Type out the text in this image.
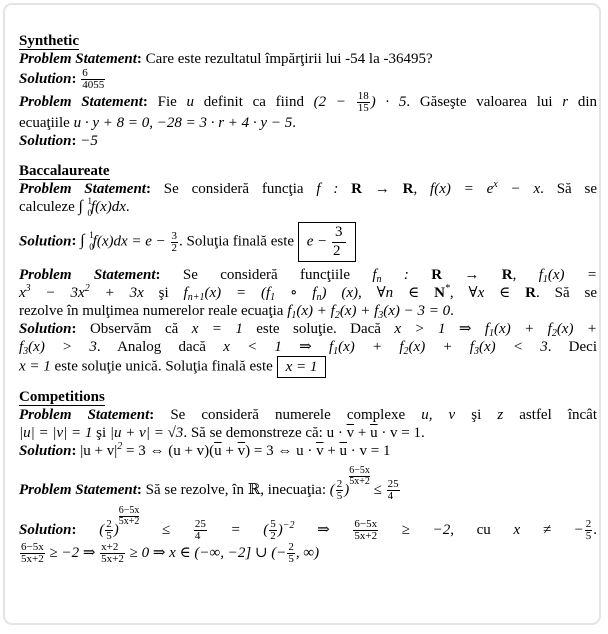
Synthetic
Problem Statement : Care este rezultatul împărţirii lui -54 la -36495?
Solution : $\frac{6}{4055}$
Problem Statement : Fie u definit ca fiind ($2 - \frac{18}{15}$ ) · 5. Găseşte valoarea lui r din
ecuaţiile u · y + 8 = 0, −28 = 3 · r + 4 · y − 5.
Solution : −5
Baccalaureate
Problem Statement : Se consideră funcţia f : R → R, $f(x) = e^x - x$. Să se
calculeze ∫ 0
1
f(x)dx.
Solution : ∫ 0
1
$f(x)dx = e - \frac{3}{2}$ . Soluţia finală este $e - \frac{3}{2}$
Problem Statement : Se consideră funcţiile $f_n$ : R → R, $f_1(x)$ =
$x^3 - 3x^2 + 3x$ şi $f_{n+1}(x) = (f_1$ ∘ $f_n$) (x), ∀n ∈ N*, ∀x ∈ R. Să se
rezolve în mulţimea numerelor reale ecuaţia $f_1(x) + f_2(x) + f_3(x) - 3 = 0$.
Solution : Observăm că x = 1 este soluţie. Dacă x > 1 ⇒ $f_1(x) + f_2(x)$ +
$f_3(x) > 3$. Analog dacă x < 1 ⇒ $f_1(x) + f_2(x) + f_3(x) < 3$. Deci
x = 1 este soluţie unică. Soluţia finală este x = 1
Competitions
Problem Statement : Se consideră numerele complexe u, v şi z astfel încât
|u| = |v| = 1 şi |u + v| = √3. Să se demonstreze că: $u \cdot \overline{v} + \overline{u} \cdot v = 1$.
Solution : $|u + v|^2 = 3$ ⇔ $(u + v)(\overline{u} + \overline{v}) = 3$ ⇔ $u \cdot \overline{v} + \overline{u} \cdot v = 1$
Problem Statement : Să se rezolve, în ℝ, inecuaţia: ( $\frac{2}{5}$ )
$\frac{6-5x}{5x+2}$
≤ $\frac{25}{4}$
Solution : ( $\frac{2}{5}$ )
$\frac{6-5x}{5x+2}$
≤ $\frac{25}{4}$ = ( $\frac{5}{2} )^{-2}$ ⇒ $\frac{6-5x}{5x+2} \ge -2$, cu x ≠ − $\frac{2}{5}$ .
$\frac{6-5x}{5x+2} \ge -2$ ⇒ $\frac{x+2}{5x+2} \ge 0$ ⇒ x ∈ (−∞, −2] ∪ (− $\frac{2}{5}$ , ∞)
